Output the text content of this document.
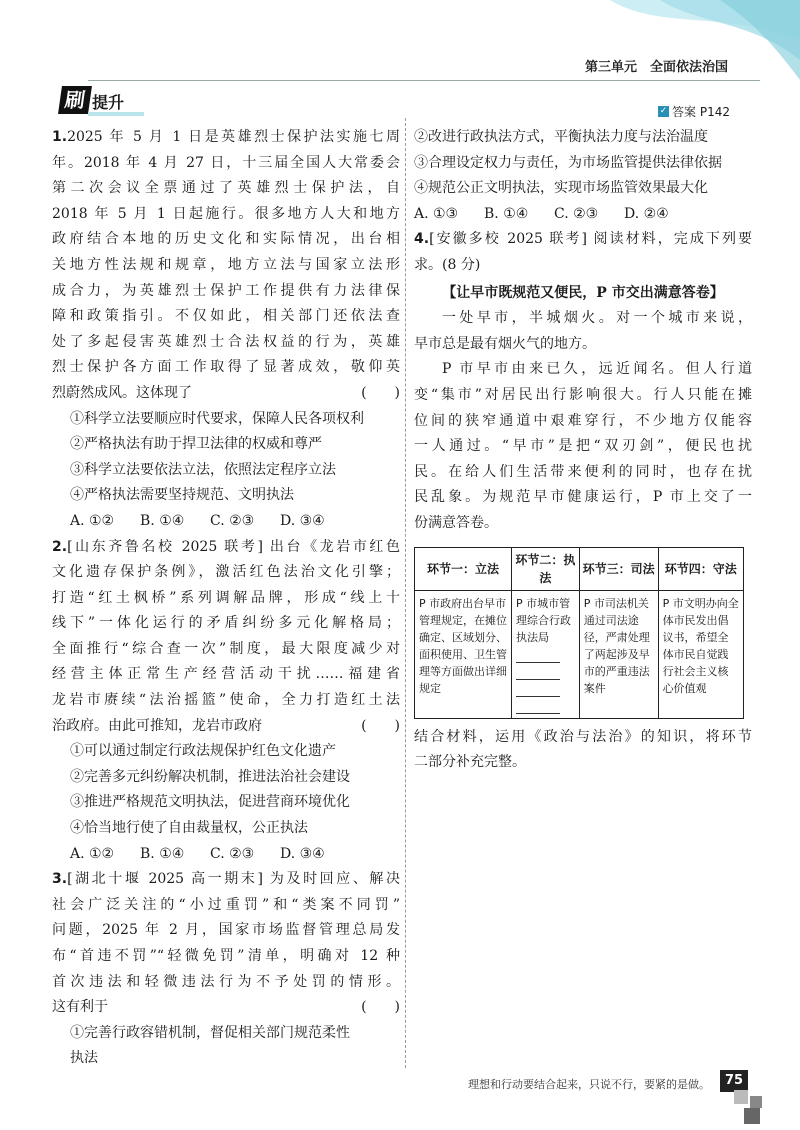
第三单元　全面依法治国
刷 提升	✓ 答案 P142
1.2025 年 5 月 1 日是英雄烈士保护法实施七周
年。2018 年 4 月 27 日，十三届全国人大常委会
第二次会议全票通过了英雄烈士保护法，自
2018 年 5 月 1 日起施行。很多地方人大和地方
政府结合本地的历史文化和实际情况，出台相
关地方性法规和规章，地方立法与国家立法形
成合力，为英雄烈士保护工作提供有力法律保
障和政策指引。不仅如此，相关部门还依法查
处了多起侵害英雄烈士合法权益的行为，英雄
烈士保护各方面工作取得了显著成效，敬仰英
烈蔚然成风。这体现了	(　　)
①科学立法要顺应时代要求，保障人民各项权利
②严格执法有助于捍卫法律的权威和尊严
③科学立法要依法立法，依照法定程序立法
④严格执法需要坚持规范、文明执法
A. ①②	B. ①④	C. ②③	D. ③④
2.[山东齐鲁名校 2025 联考] 出台《龙岩市红色
文化遗存保护条例》，激活红色法治文化引擎；
打造“红土枫桥”系列调解品牌，形成“线上十
线下”一体化运行的矛盾纠纷多元化解格局；
全面推行“综合查一次”制度，最大限度减少对
经营主体正常生产经营活动干扰……福建省
龙岩市赓续“法治摇篮”使命，全力打造红土法
治政府。由此可推知，龙岩市政府	(　　)
①可以通过制定行政法规保护红色文化遗产
②完善多元纠纷解决机制，推进法治社会建设
③推进严格规范文明执法，促进营商环境优化
④恰当地行使了自由裁量权，公正执法
A. ①②	B. ①④	C. ②③	D. ③④
3.[湖北十堰 2025 高一期末] 为及时回应、解决
社会广泛关注的“小过重罚”和“类案不同罚”
问题，2025 年 2 月，国家市场监督管理总局发
布“首违不罚”“轻微免罚”清单，明确对 12 种
首次违法和轻微违法行为不予处罚的情形。
这有利于	(　　)
①完善行政容错机制，督促相关部门规范柔性
执法
②改进行政执法方式，平衡执法力度与法治温度
③合理设定权力与责任，为市场监管提供法律依据
④规范公正文明执法，实现市场监管效果最大化
A. ①③	B. ①④	C. ②③	D. ②④
4.[安徽多校 2025 联考] 阅读材料，完成下列要
求。(8 分)
【让早市既规范又便民，P 市交出满意答卷】
一处早市，半城烟火。对一个城市来说，
早市总是最有烟火气的地方。
P 市早市由来已久，远近闻名。但人行道
变“集市”对居民出行影响很大。行人只能在摊
位间的狭窄通道中艰难穿行，不少地方仅能容
一人通过。“早市”是把“双刃剑”，便民也扰
民。在给人们生活带来便利的同时，也存在扰
民乱象。为规范早市健康运行，P 市上交了一
份满意答卷。
环节一：立法	环节二：执法	环节三：司法	环节四：守法
P 市政府出台早市管理规定，在摊位确定、区域划分、面积使用、卫生管理等方面做出详细规定	P 市城市管理综合行政执法局	P 市司法机关通过司法途径，严肃处理了两起涉及早市的严重违法案件	P 市文明办向全体市民发出倡议书，希望全体市民自觉践行社会主义核心价值观
结合材料，运用《政治与法治》的知识，将环节
二部分补充完整。
理想和行动要结合起来，只说不行，要紧的是做。	75
